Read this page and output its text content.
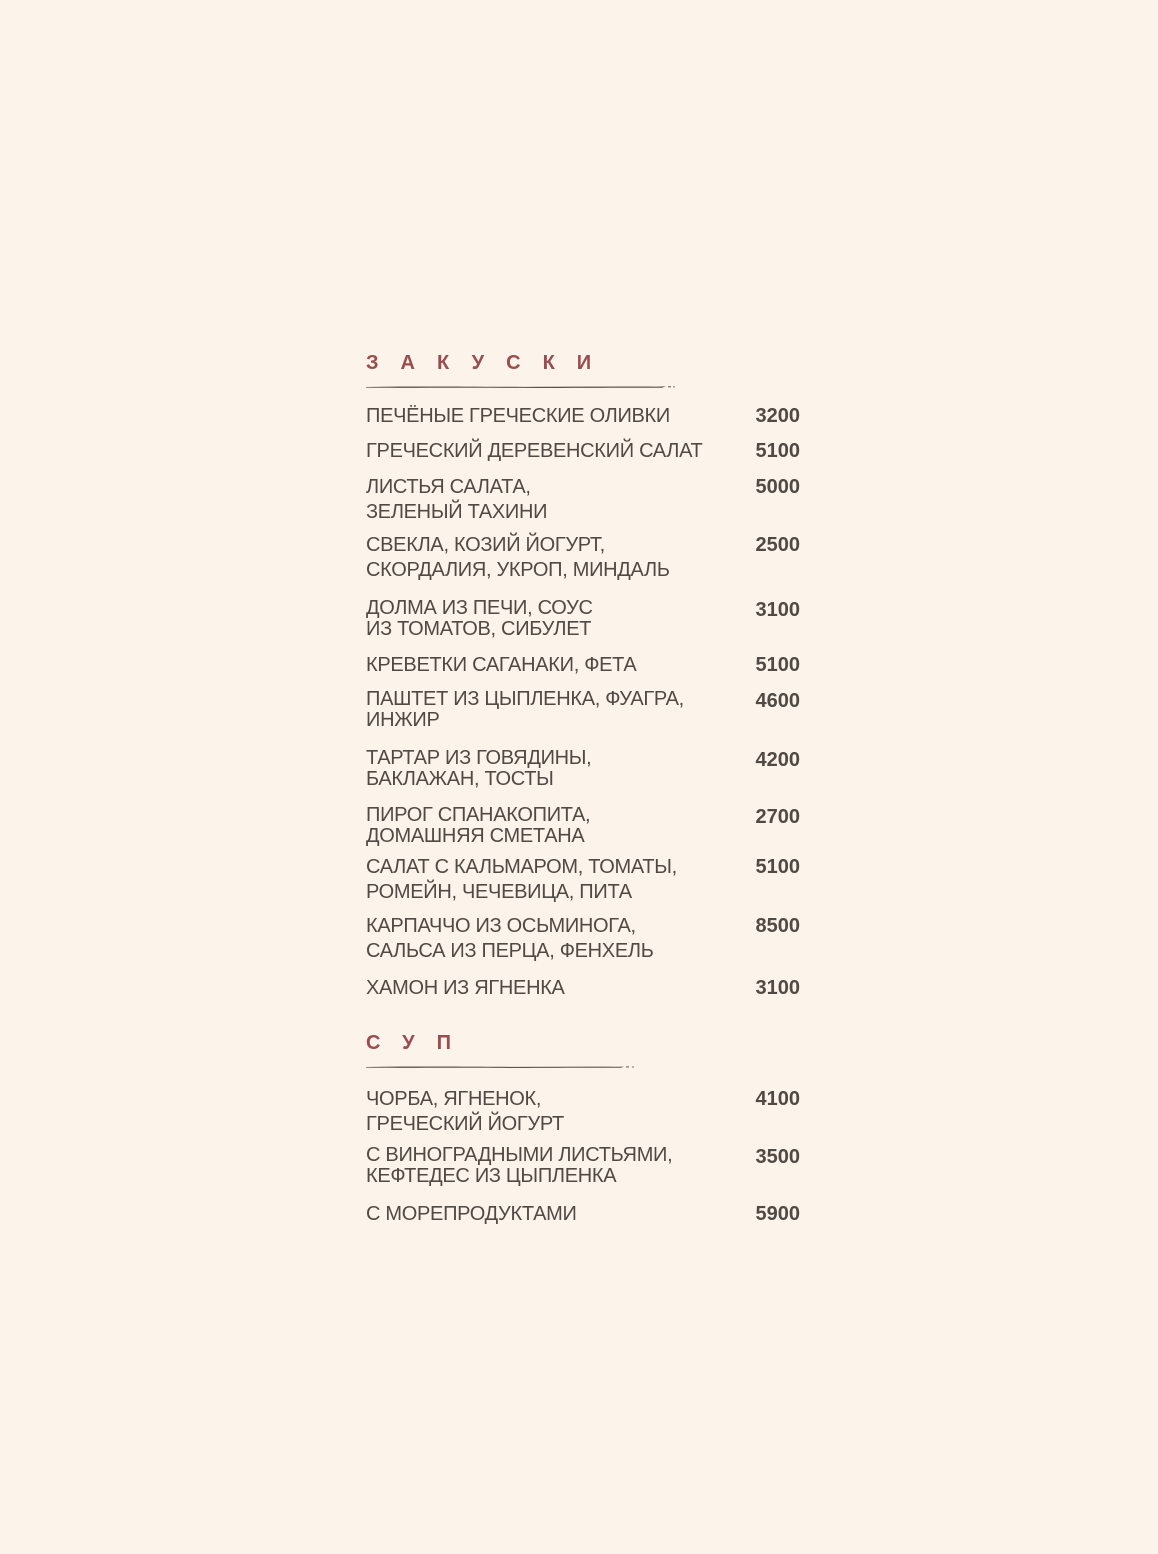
ЗАКУСКИ
ПЕЧЁНЫЕ ГРЕЧЕСКИЕ ОЛИВКИ	3200
ГРЕЧЕСКИЙ ДЕРЕВЕНСКИЙ САЛАТ	5100
ЛИСТЬЯ САЛАТА,
ЗЕЛЕНЫЙ ТАХИНИ
5000
СВЕКЛА, КОЗИЙ ЙОГУРТ,
СКОРДАЛИЯ, УКРОП, МИНДАЛЬ
2500
ДОЛМА ИЗ ПЕЧИ, СОУС
ИЗ ТОМАТОВ, СИБУЛЕТ
3100
КРЕВЕТКИ САГАНАКИ, ФЕТА	5100
ПАШТЕТ ИЗ ЦЫПЛЕНКА, ФУАГРА,
ИНЖИР
4600
ТАРТАР ИЗ ГОВЯДИНЫ,
БАКЛАЖАН, ТОСТЫ
4200
ПИРОГ СПАНАКОПИТА,
ДОМАШНЯЯ СМЕТАНА
2700
САЛАТ С КАЛЬМАРОМ, ТОМАТЫ,
РОМЕЙН, ЧЕЧЕВИЦА, ПИТА
5100
КАРПАЧЧО ИЗ ОСЬМИНОГА,
САЛЬСА ИЗ ПЕРЦА, ФЕНХЕЛЬ
8500
ХАМОН ИЗ ЯГНЕНКА	3100
СУП
ЧОРБА, ЯГНЕНОК,
ГРЕЧЕСКИЙ ЙОГУРТ
4100
С ВИНОГРАДНЫМИ ЛИСТЬЯМИ,
КЕФТЕДЕС ИЗ ЦЫПЛЕНКА
3500
С МОРЕПРОДУКТАМИ	5900
